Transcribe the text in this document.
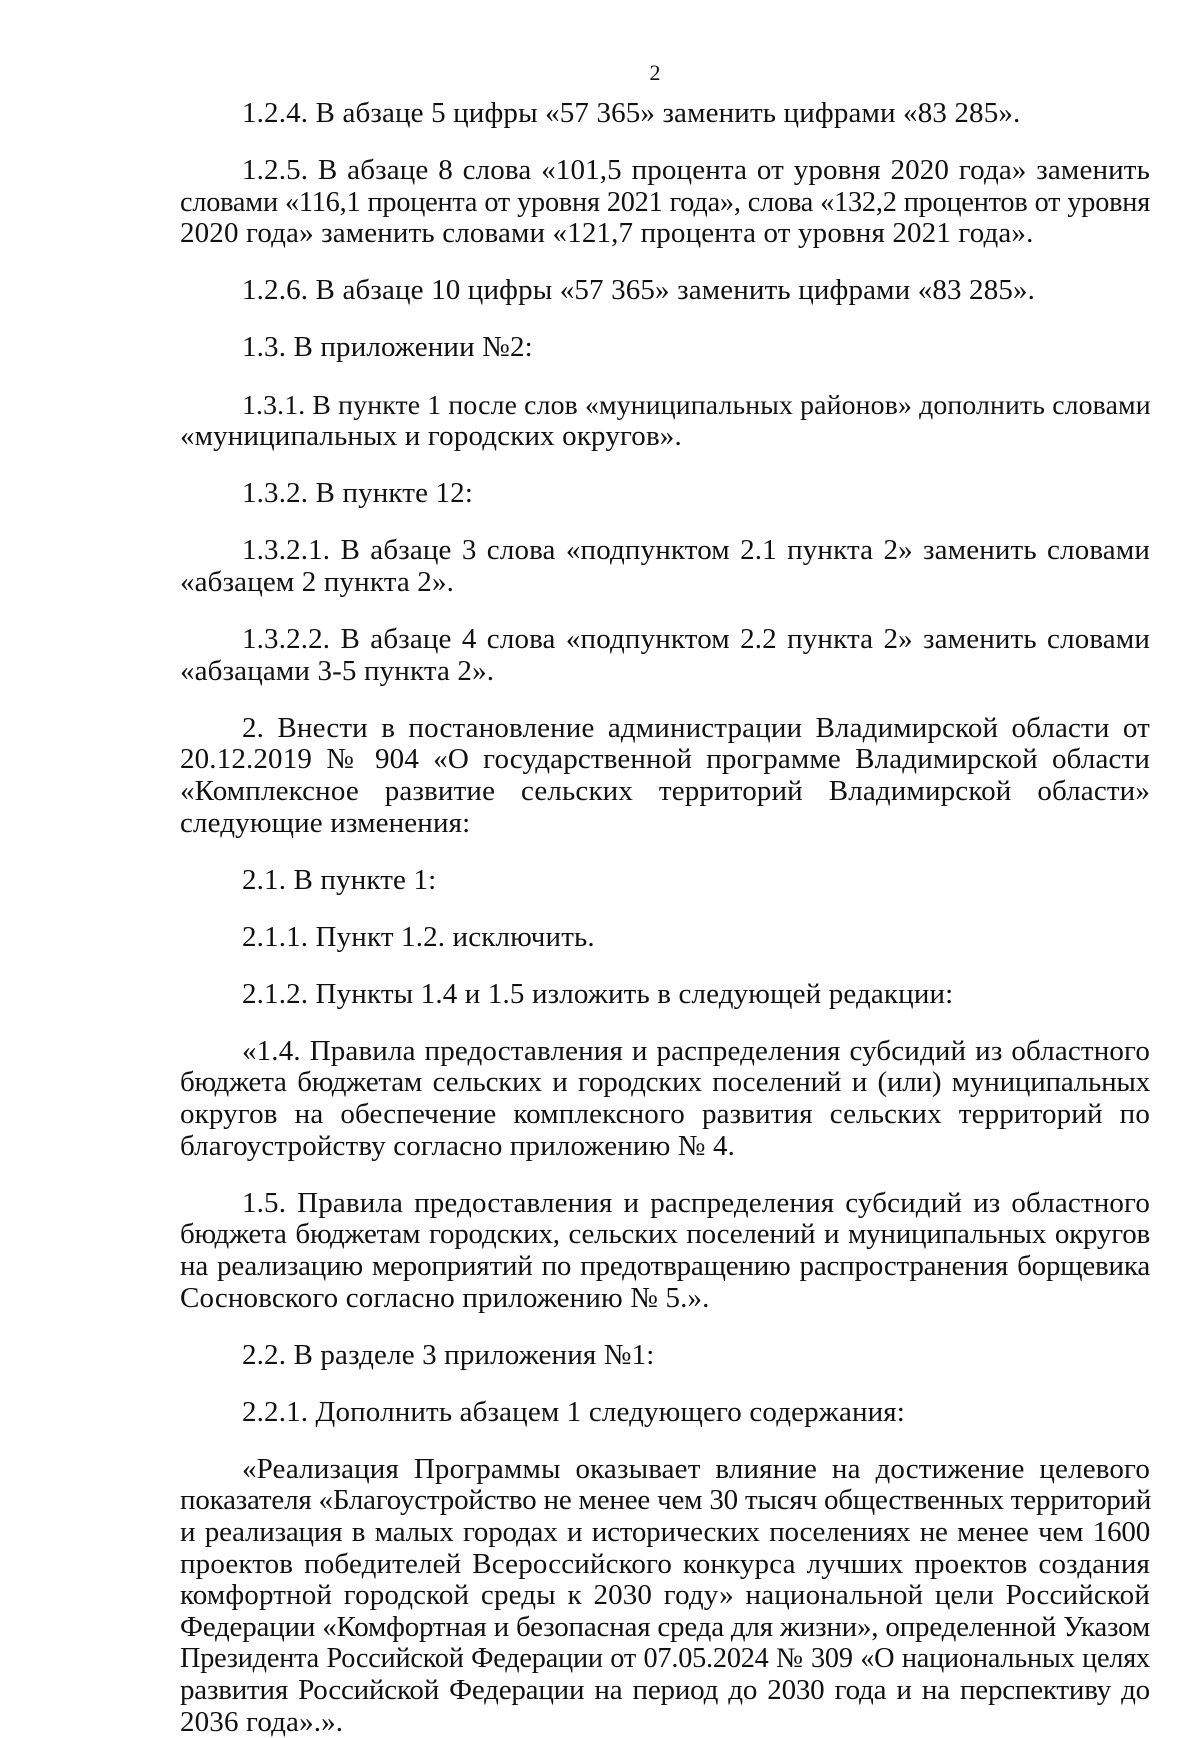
2
1.2.4. В абзаце 5 цифры «57 365» заменить цифрами «83 285».
1.2.5. В абзаце 8 слова «101,5 процента от уровня 2020 года» заменить
словами «116,1 процента от уровня 2021 года», слова «132,2 процентов от уровня
2020 года» заменить словами «121,7 процента от уровня 2021 года».
1.2.6. В абзаце 10 цифры «57 365» заменить цифрами «83 285».
1.3. В приложении №2:
1.3.1. В пункте 1 после слов «муниципальных районов» дополнить словами
«муниципальных и городских округов».
1.3.2. В пункте 12:
1.3.2.1. В абзаце 3 слова «подпунктом 2.1 пункта 2» заменить словами
«абзацем 2 пункта 2».
1.3.2.2. В абзаце 4 слова «подпунктом 2.2 пункта 2» заменить словами
«абзацами 3-5 пункта 2».
2. Внести в постановление администрации Владимирской области от
20.12.2019 № 904 «О государственной программе Владимирской области
«Комплексное развитие сельских территорий Владимирской области»
следующие изменения:
2.1. В пункте 1:
2.1.1. Пункт 1.2. исключить.
2.1.2. Пункты 1.4 и 1.5 изложить в следующей редакции:
«1.4. Правила предоставления и распределения субсидий из областного
бюджета бюджетам сельских и городских поселений и (или) муниципальных
округов на обеспечение комплексного развития сельских территорий по
благоустройству согласно приложению № 4.
1.5. Правила предоставления и распределения субсидий из областного
бюджета бюджетам городских, сельских поселений и муниципальных округов
на реализацию мероприятий по предотвращению распространения борщевика
Сосновского согласно приложению № 5.».
2.2. В разделе 3 приложения №1:
2.2.1. Дополнить абзацем 1 следующего содержания:
«Реализация Программы оказывает влияние на достижение целевого
показателя «Благоустройство не менее чем 30 тысяч общественных территорий
и реализация в малых городах и исторических поселениях не менее чем 1600
проектов победителей Всероссийского конкурса лучших проектов создания
комфортной городской среды к 2030 году» национальной цели Российской
Федерации «Комфортная и безопасная среда для жизни», определенной Указом
Президента Российской Федерации от 07.05.2024 № 309 «О национальных целях
развития Российской Федерации на период до 2030 года и на перспективу до
2036 года».».
